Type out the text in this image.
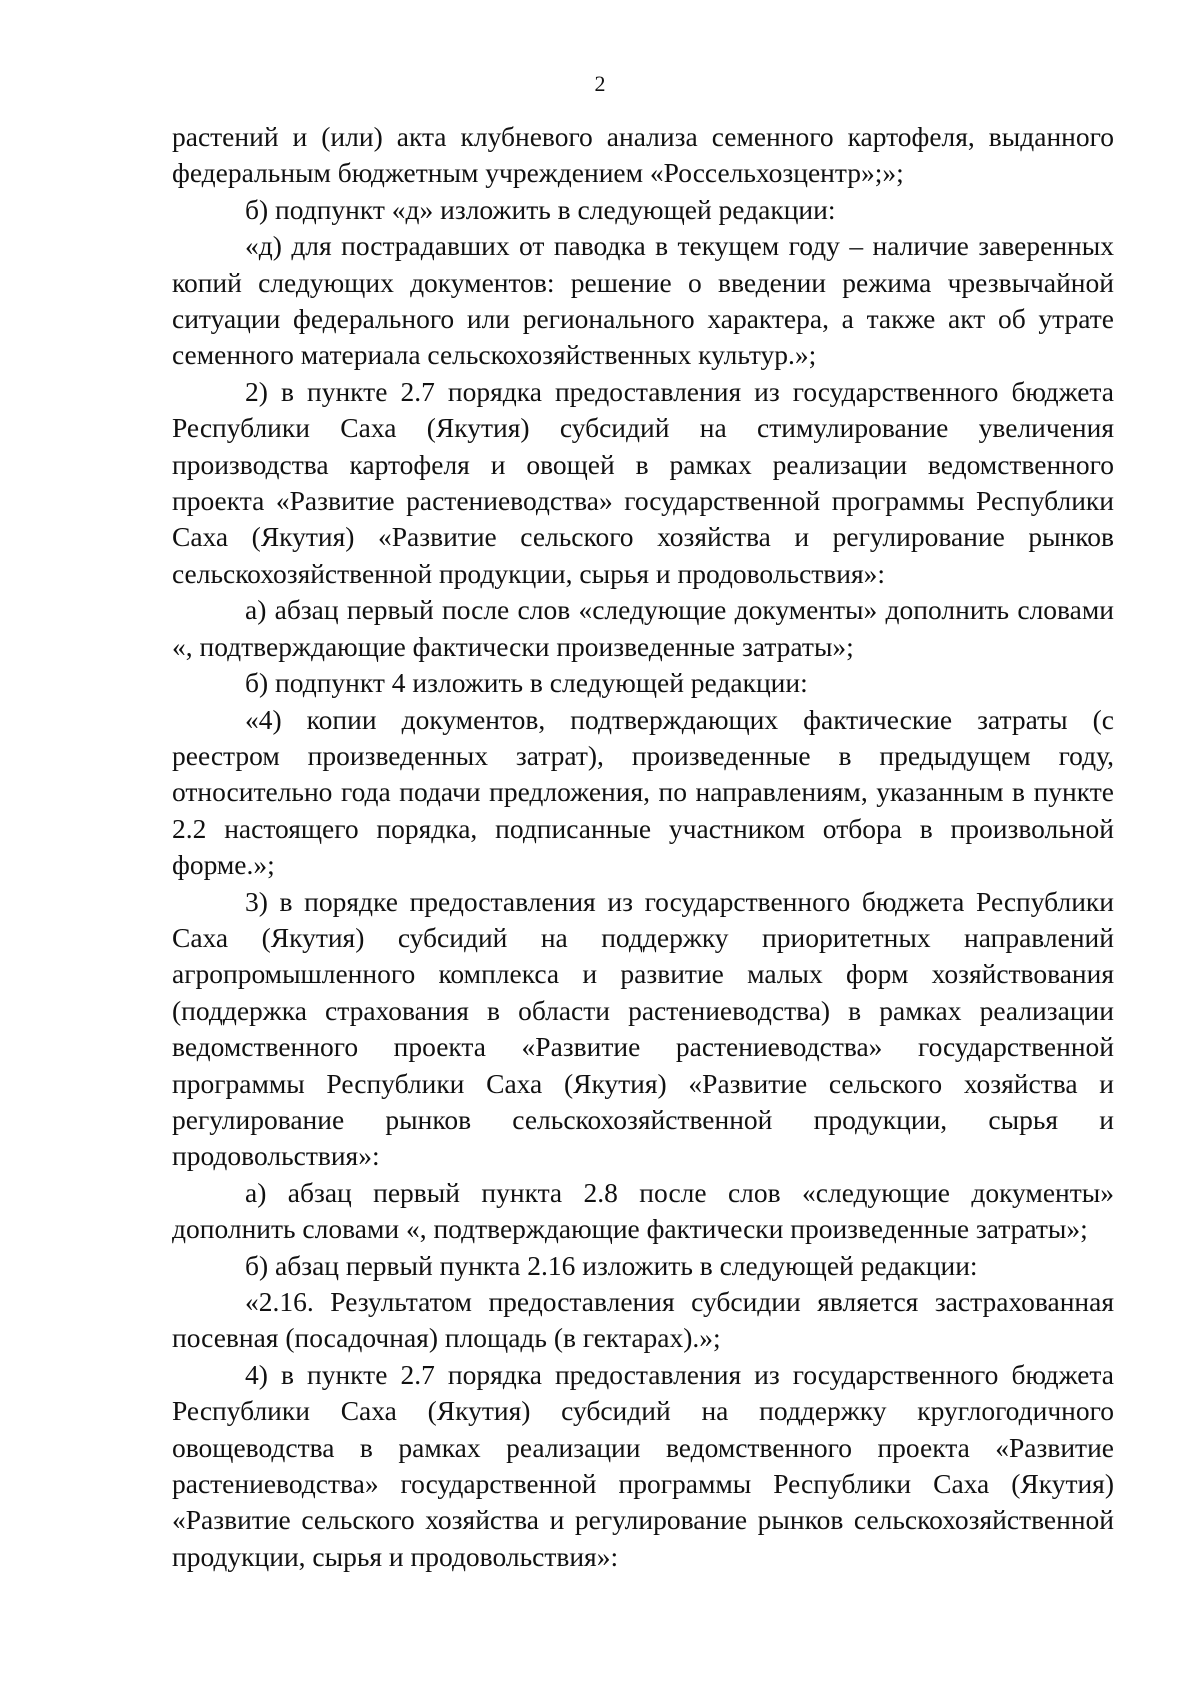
2

растений и (или) акта клубневого анализа семенного картофеля, выданного федеральным бюджетным учреждением «Россельхозцентр»;»;

б) подпункт «д» изложить в следующей редакции:

«д) для пострадавших от паводка в текущем году – наличие заверенных копий следующих документов: решение о введении режима чрезвычайной ситуации федерального или регионального характера, а также акт об утрате семенного материала сельскохозяйственных культур.»;

2) в пункте 2.7 порядка предоставления из государственного бюджета Республики Саха (Якутия) субсидий на стимулирование увеличения производства картофеля и овощей в рамках реализации ведомственного проекта «Развитие растениеводства» государственной программы Республики Саха (Якутия) «Развитие сельского хозяйства и регулирование рынков сельскохозяйственной продукции, сырья и продовольствия»:

а) абзац первый после слов «следующие документы» дополнить словами «, подтверждающие фактически произведенные затраты»;

б) подпункт 4 изложить в следующей редакции:

«4) копии документов, подтверждающих фактические затраты (с реестром произведенных затрат), произведенные в предыдущем году, относительно года подачи предложения, по направлениям, указанным в пункте 2.2 настоящего порядка, подписанные участником отбора в произвольной форме.»;

3) в порядке предоставления из государственного бюджета Республики Саха (Якутия) субсидий на поддержку приоритетных направлений агропромышленного комплекса и развитие малых форм хозяйствования (поддержка страхования в области растениеводства) в рамках реализации ведомственного проекта «Развитие растениеводства» государственной программы Республики Саха (Якутия) «Развитие сельского хозяйства и регулирование рынков сельскохозяйственной продукции, сырья и продовольствия»:

а) абзац первый пункта 2.8 после слов «следующие документы» дополнить словами «, подтверждающие фактически произведенные затраты»;

б) абзац первый пункта 2.16 изложить в следующей редакции:

«2.16. Результатом предоставления субсидии является застрахованная посевная (посадочная) площадь (в гектарах).»;

4) в пункте 2.7 порядка предоставления из государственного бюджета Республики Саха (Якутия) субсидий на поддержку круглогодичного овощеводства в рамках реализации ведомственного проекта «Развитие растениеводства» государственной программы Республики Саха (Якутия) «Развитие сельского хозяйства и регулирование рынков сельскохозяйственной продукции, сырья и продовольствия»:
